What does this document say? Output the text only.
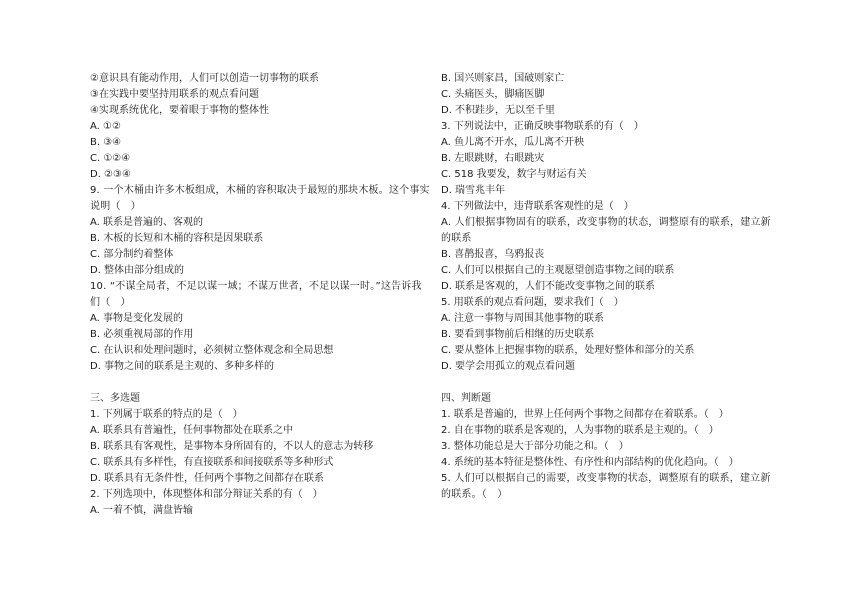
②意识具有能动作用，人们可以创造一切事物的联系
③在实践中要坚持用联系的观点看问题
④实现系统优化，要着眼于事物的整体性
A. ①②
B. ③④
C. ①②④
D. ②③④
9. 一个木桶由许多木板组成，木桶的容积取决于最短的那块木板。这个事实说明（　）
A. 联系是普遍的、客观的
B. 木板的长短和木桶的容积是因果联系
C. 部分制约着整体
D. 整体由部分组成的
10. “不谋全局者，不足以谋一域；不谋万世者，不足以谋一时。”这告诉我们（　）
A. 事物是变化发展的
B. 必须重视局部的作用
C. 在认识和处理问题时，必须树立整体观念和全局思想
D. 事物之间的联系是主观的、多种多样的
三、多选题
1. 下列属于联系的特点的是（　）
A. 联系具有普遍性，任何事物都处在联系之中
B. 联系具有客观性，是事物本身所固有的，不以人的意志为转移
C. 联系具有多样性，有直接联系和间接联系等多种形式
D. 联系具有无条件性，任何两个事物之间都存在联系
2. 下列选项中，体现整体和部分辩证关系的有（　）
A. 一着不慎，满盘皆输
B. 国兴则家昌，国破则家亡
C. 头痛医头，脚痛医脚
D. 不积跬步，无以至千里
3. 下列说法中，正确反映事物联系的有（　）
A. 鱼儿离不开水，瓜儿离不开秧
B. 左眼跳财，右眼跳灾
C. 518 我要发，数字与财运有关
D. 瑞雪兆丰年
4. 下列做法中，违背联系客观性的是（　）
A. 人们根据事物固有的联系，改变事物的状态，调整原有的联系，建立新的联系
B. 喜鹊报喜，乌鸦报丧
C. 人们可以根据自己的主观愿望创造事物之间的联系
D. 联系是客观的，人们不能改变事物之间的联系
5. 用联系的观点看问题，要求我们（　）
A. 注意一事物与周围其他事物的联系
B. 要看到事物前后相继的历史联系
C. 要从整体上把握事物的联系，处理好整体和部分的关系
D. 要学会用孤立的观点看问题
四、判断题
1. 联系是普遍的，世界上任何两个事物之间都存在着联系。（　）
2. 自在事物的联系是客观的，人为事物的联系是主观的。（　）
3. 整体功能总是大于部分功能之和。（　）
4. 系统的基本特征是整体性、有序性和内部结构的优化趋向。（　）
5. 人们可以根据自己的需要，改变事物的状态，调整原有的联系，建立新的联系。（　）
